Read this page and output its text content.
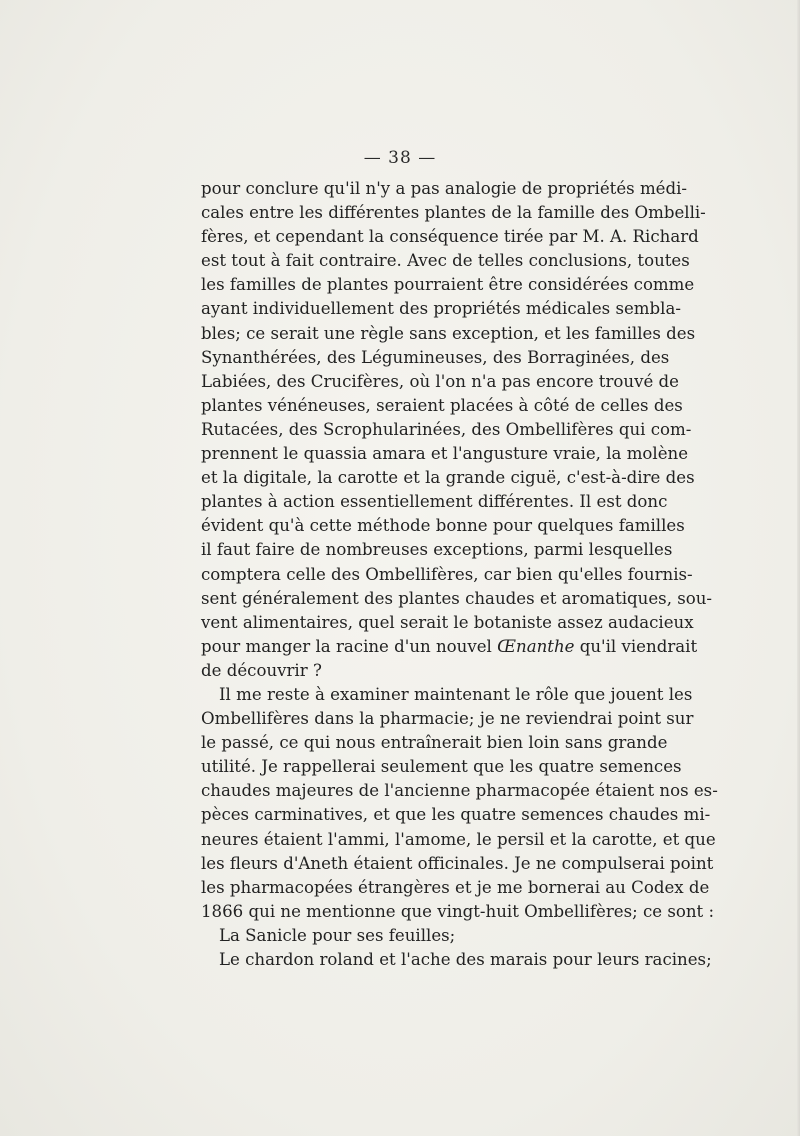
— 38 —
pour conclure qu'il n'y a pas analogie de propriétés médi-
cales entre les différentes plantes de la famille des Ombelli-
fères, et cependant la conséquence tirée par M. A. Richard
est tout à fait contraire. Avec de telles conclusions, toutes
les familles de plantes pourraient être considérées comme
ayant individuellement des propriétés médicales sembla-
bles; ce serait une règle sans exception, et les familles des
Synanthérées, des Légumineuses, des Borraginées, des
Labiées, des Crucifères, où l'on n'a pas encore trouvé de
plantes vénéneuses, seraient placées à côté de celles des
Rutacées, des Scrophularinées, des Ombellifères qui com-
prennent le quassia amara et l'angusture vraie, la molène
et la digitale, la carotte et la grande ciguë, c'est-à-dire des
plantes à action essentiellement différentes. Il est donc
évident qu'à cette méthode bonne pour quelques familles
il faut faire de nombreuses exceptions, parmi lesquelles
comptera celle des Ombellifères, car bien qu'elles fournis-
sent généralement des plantes chaudes et aromatiques, sou-
vent alimentaires, quel serait le botaniste assez audacieux
pour manger la racine d'un nouvel Œnanthe qu'il viendrait
de découvrir ?
Il me reste à examiner maintenant le rôle que jouent les
Ombellifères dans la pharmacie; je ne reviendrai point sur
le passé, ce qui nous entraînerait bien loin sans grande
utilité. Je rappellerai seulement que les quatre semences
chaudes majeures de l'ancienne pharmacopée étaient nos es-
pèces carminatives, et que les quatre semences chaudes mi-
neures étaient l'ammi, l'amome, le persil et la carotte, et que
les fleurs d'Aneth étaient officinales. Je ne compulserai point
les pharmacopées étrangères et je me bornerai au Codex de
1866 qui ne mentionne que vingt-huit Ombellifères; ce sont :
La Sanicle pour ses feuilles;
Le chardon roland et l'ache des marais pour leurs racines;
